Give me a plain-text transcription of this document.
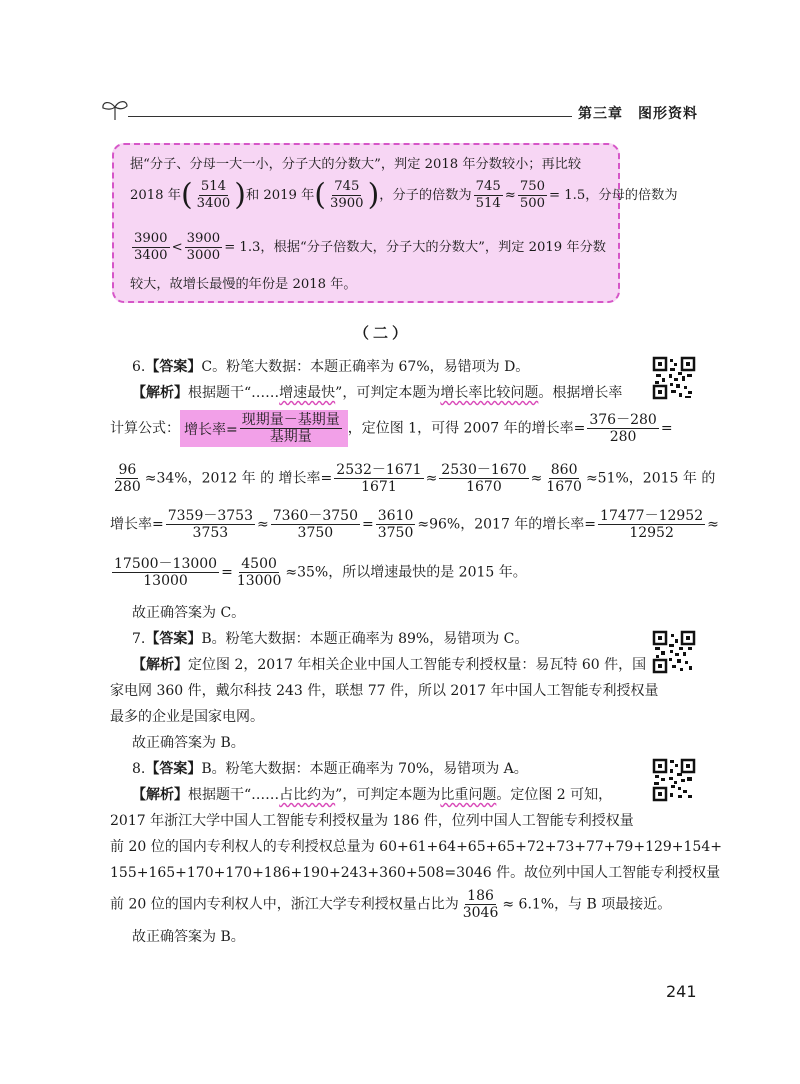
第三章　图形资料
据“分子、分母一大一小，分子大的分数大”，判定 2018 年分数较小；再比较
2018 年( $\frac{514}{3400}$ )和 2019 年( $\frac{745}{3900}$ )，分子的倍数为 $\frac{745}{514} \approx \frac{750}{500} = 1.5$，分母的倍数为
$\frac{3900}{3400} < \frac{3900}{3000} = 1.3$，根据“分子倍数大，分子大的分数大”，判定 2019 年分数
较大，故增长最慢的年份是 2018 年。
（二）
6.【答案】C。粉笔大数据：本题正确率为 67%，易错项为 D。
【解析】根据题干“……增速最快”，可判定本题为增长率比较问题。根据增长率
计算公式： 增长率= $\frac{\text{现期量－基期量}}{\text{基期量}}$ ，定位图 1，可得 2007 年的增长率= $\frac{376-280}{280}$ =
$\frac{96}{280} \approx 34\%$，2012 年 的 增长率= $\frac{2532-1671}{1671} \approx \frac{2530-1670}{1670} \approx \frac{860}{1670} \approx 51\%$，2015 年 的
增长率= $\frac{7359-3753}{3753} \approx \frac{7360-3750}{3750} = \frac{3610}{3750} \approx 96\%$，2017 年的增长率= $\frac{17477-12952}{12952}$ ≈
$\frac{17500-13000}{13000} = \frac{4500}{13000} \approx 35\%$，所以增速最快的是 2015 年。
故正确答案为 C。
7.【答案】B。粉笔大数据：本题正确率为 89%，易错项为 C。
【解析】定位图 2，2017 年相关企业中国人工智能专利授权量：易瓦特 60 件，国
家电网 360 件，戴尔科技 243 件，联想 77 件，所以 2017 年中国人工智能专利授权量
最多的企业是国家电网。
故正确答案为 B。
8.【答案】B。粉笔大数据：本题正确率为 70%，易错项为 A。
【解析】根据题干“……占比约为”，可判定本题为比重问题。定位图 2 可知，
2017 年浙江大学中国人工智能专利授权量为 186 件，位列中国人工智能专利授权量
前 20 位的国内专利权人的专利授权总量为 60+61+64+65+65+72+73+77+79+129+154+
155+165+170+170+186+190+243+360+508=3046 件。故位列中国人工智能专利授权量
前 20 位的国内专利权人中，浙江大学专利授权量占比为 $\frac{186}{3046} \approx 6.1\%$，与 B 项最接近。
故正确答案为 B。
241
